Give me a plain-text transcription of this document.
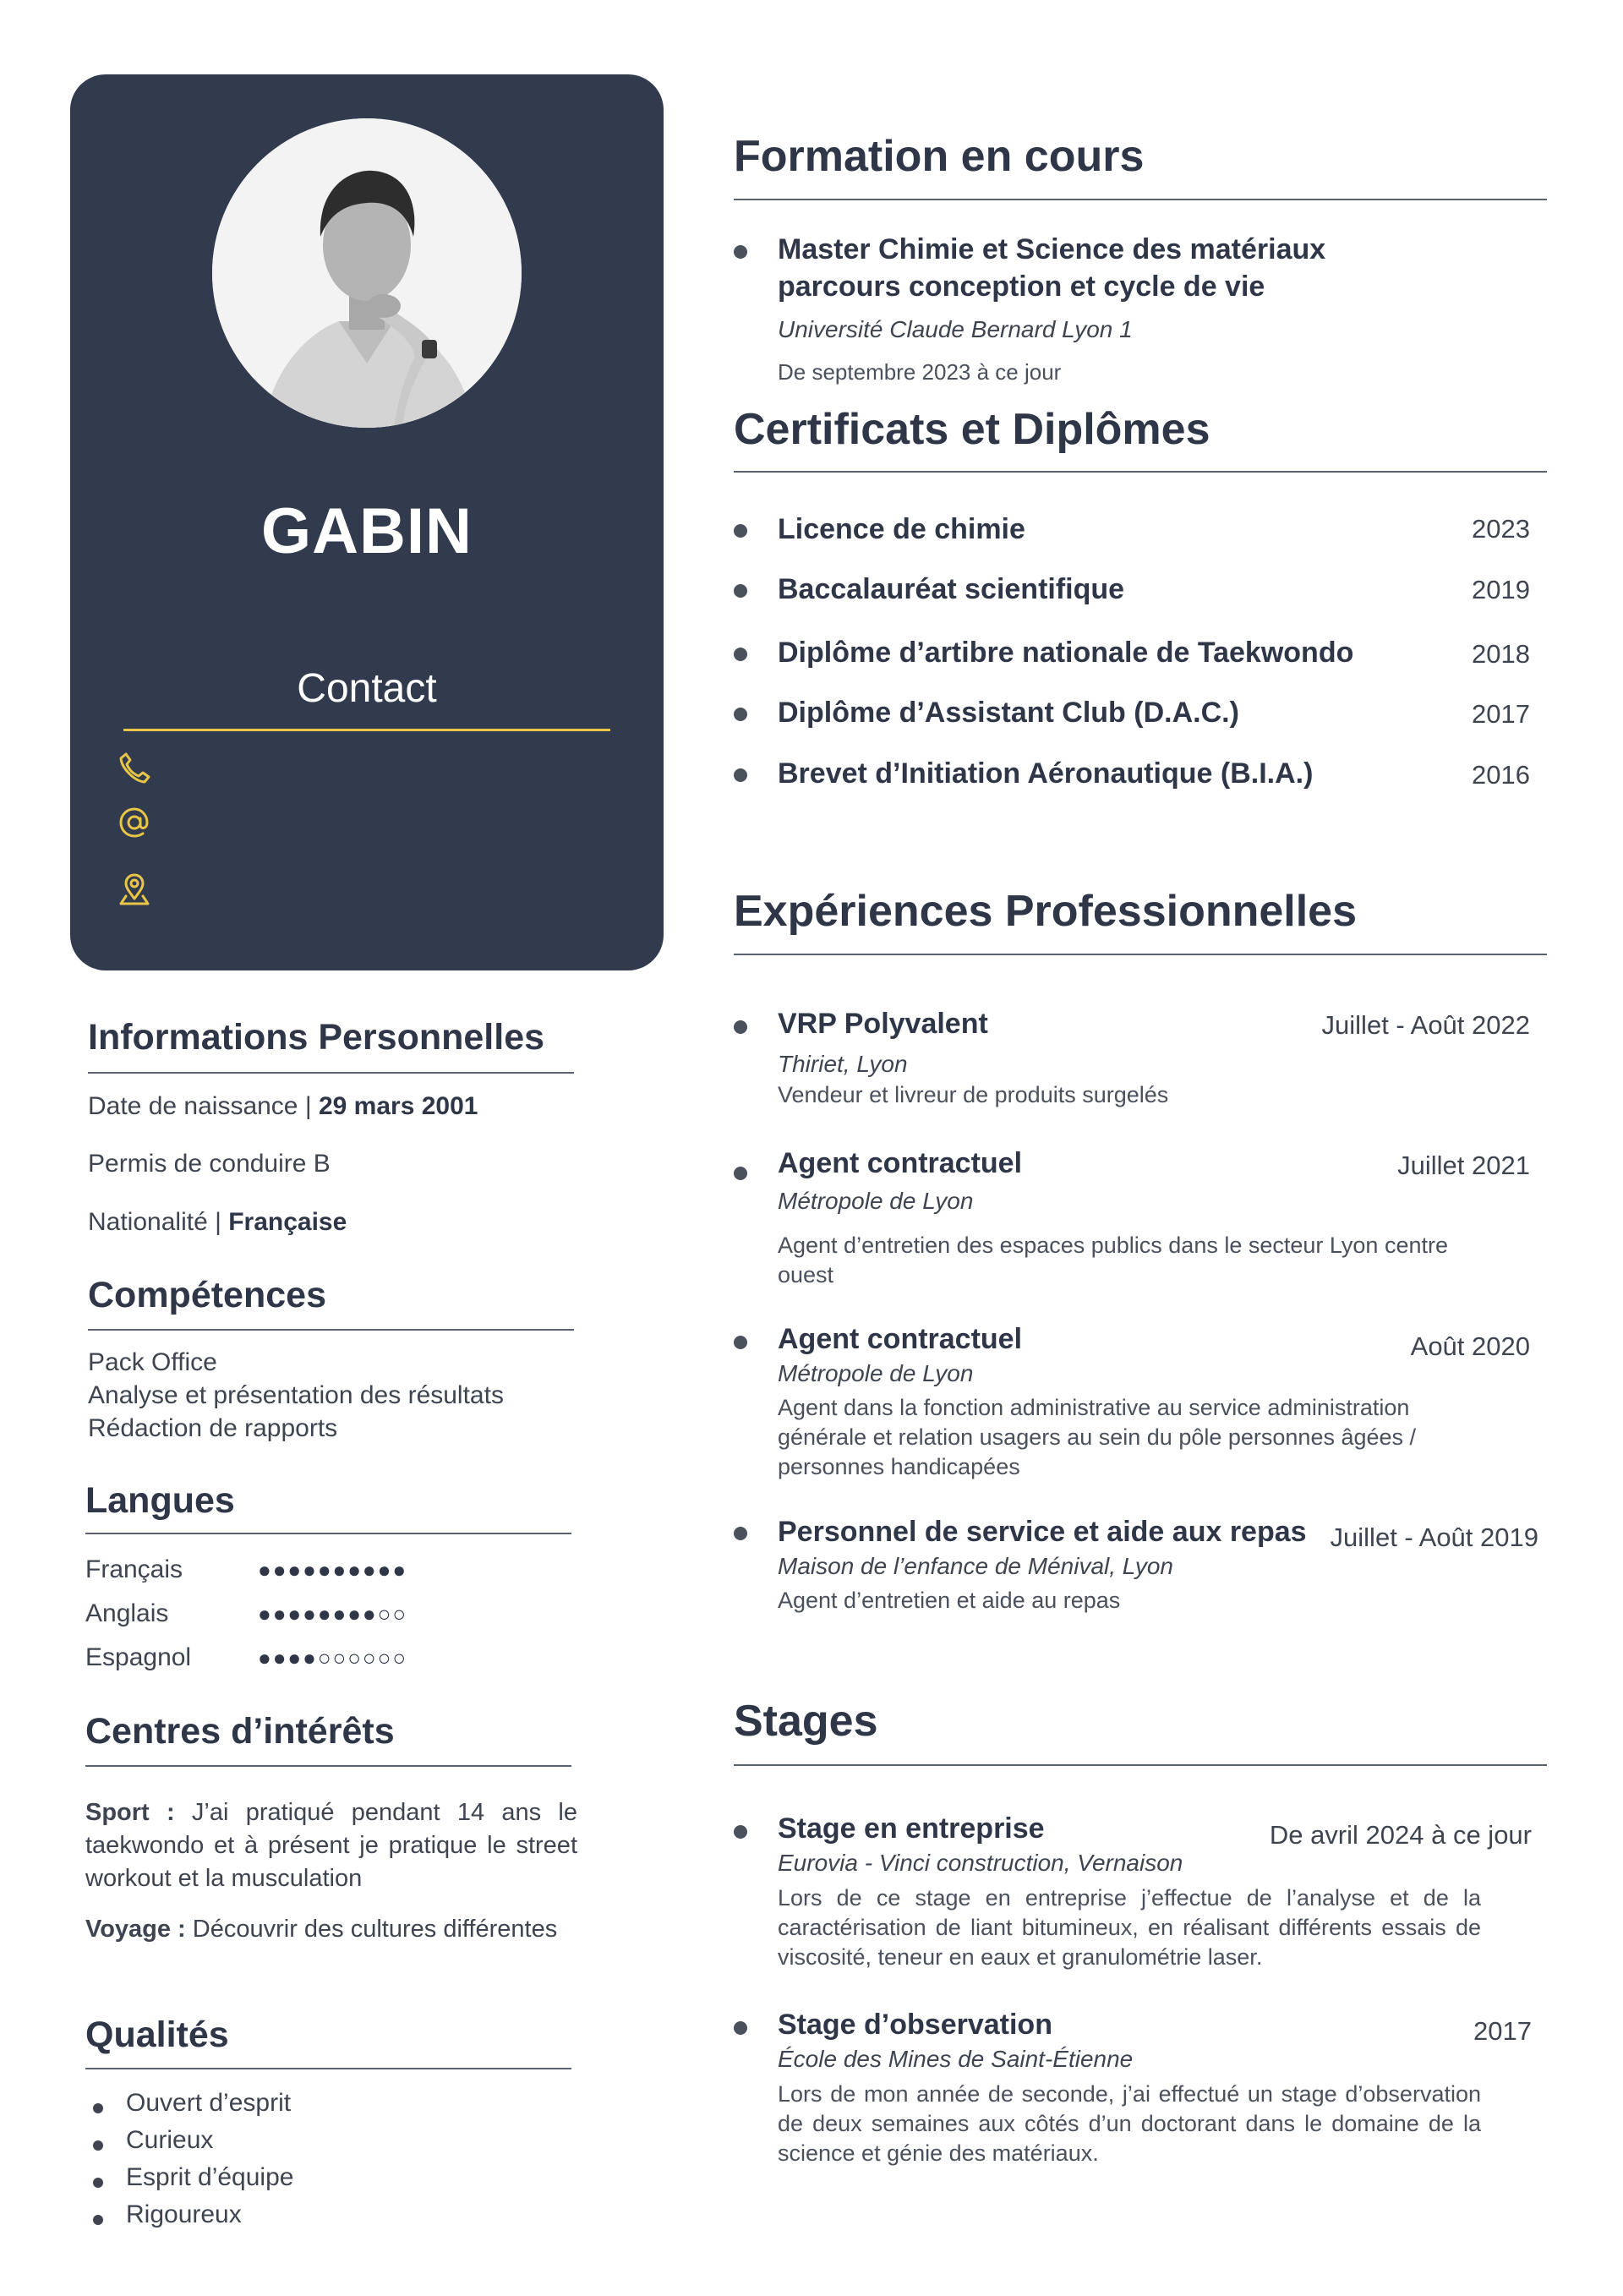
GABIN
Contact
Informations Personnelles
Date de naissance | 29 mars 2001
Permis de conduire B
Nationalité | Française
Compétences
Pack Office
Analyse et présentation des résultats
Rédaction de rapports
Langues
Français	●●●●●●●●●●
Anglais	●●●●●●●●○○
Espagnol	●●●●○○○○○○
Centres d’intérêts
Sport : J’ai pratiqué pendant 14 ans le taekwondo et à présent je pratique le street workout et la musculation
Voyage : Découvrir des cultures différentes
Qualités
Ouvert d’esprit
Curieux
Esprit d’équipe
Rigoureux
Formation en cours
Master Chimie et Science des matériaux
parcours conception et cycle de vie
Université Claude Bernard Lyon 1
De septembre 2023 à ce jour
Certificats et Diplômes
Licence de chimie	2023
Baccalauréat scientifique	2019
Diplôme d’artibre nationale de Taekwondo	2018
Diplôme d’Assistant Club (D.A.C.)	2017
Brevet d’Initiation Aéronautique (B.I.A.)	2016
Expériences Professionnelles
VRP Polyvalent	Juillet - Août 2022
Thiriet, Lyon
Vendeur et livreur de produits surgelés
Agent contractuel	Juillet 2021
Métropole de Lyon
Agent d’entretien des espaces publics dans le secteur Lyon centre ouest
Agent contractuel	Août 2020
Métropole de Lyon
Agent dans la fonction administrative au service administration générale et relation usagers au sein du pôle personnes âgées / personnes handicapées
Personnel de service et aide aux repas Juillet - Août 2019
Maison de l’enfance de Ménival, Lyon
Agent d’entretien et aide au repas
Stages
Stage en entreprise	De avril 2024 à ce jour
Eurovia - Vinci construction, Vernaison
Lors de ce stage en entreprise j’effectue de l’analyse et de la caractérisation de liant bitumineux, en réalisant différents essais de viscosité, teneur en eaux et granulométrie laser.
Stage d’observation	2017
École des Mines de Saint-Étienne
Lors de mon année de seconde, j’ai effectué un stage d’observation de deux semaines aux côtés d’un doctorant dans le domaine de la science et génie des matériaux.
